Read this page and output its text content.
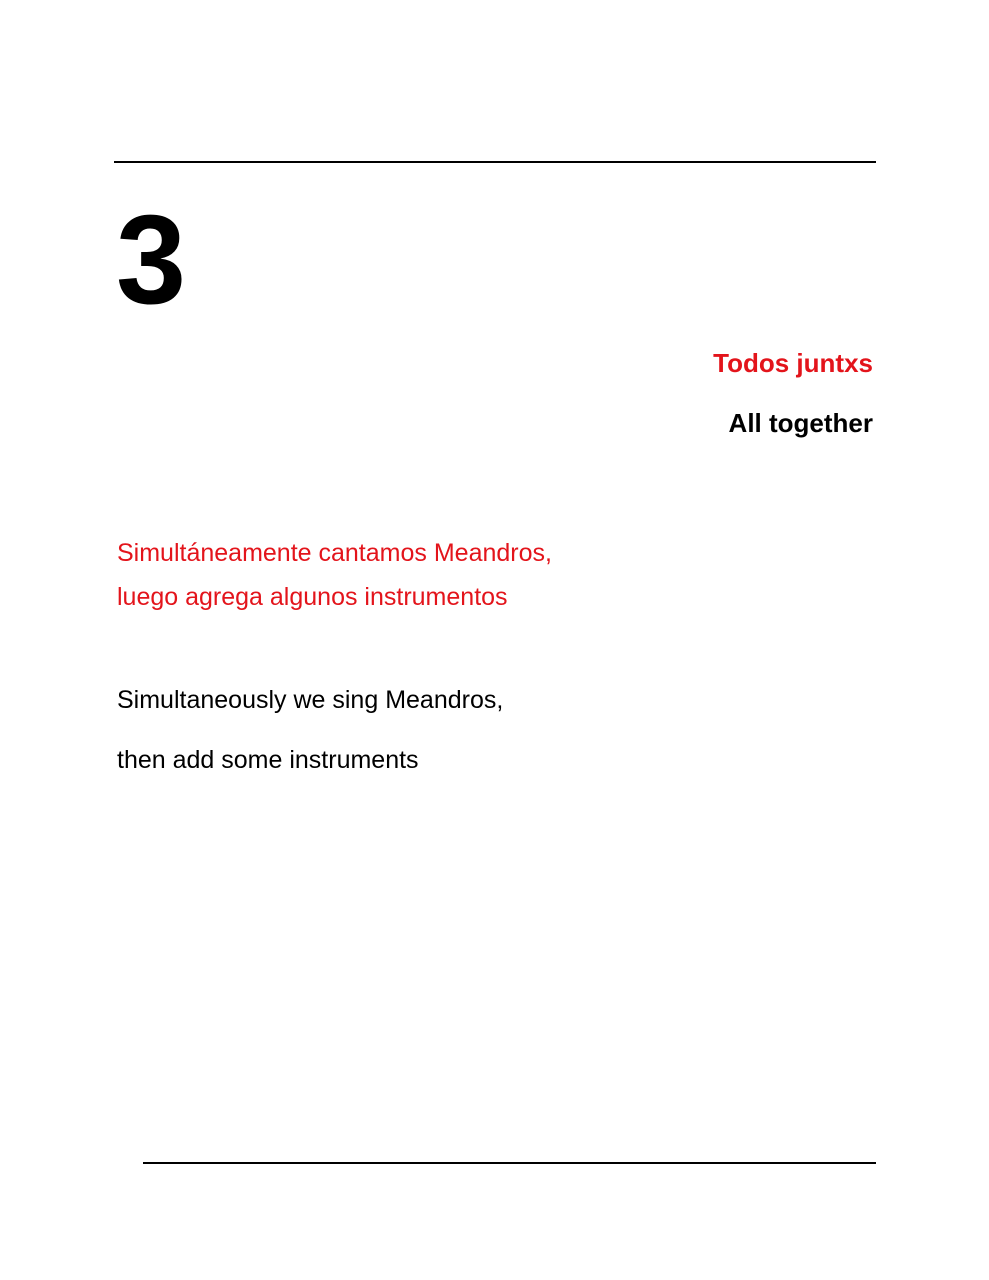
3
Todos juntxs
All together

Simultáneamente cantamos Meandros,

luego agrega algunos instrumentos

Simultaneously we sing Meandros,

then add some instruments
